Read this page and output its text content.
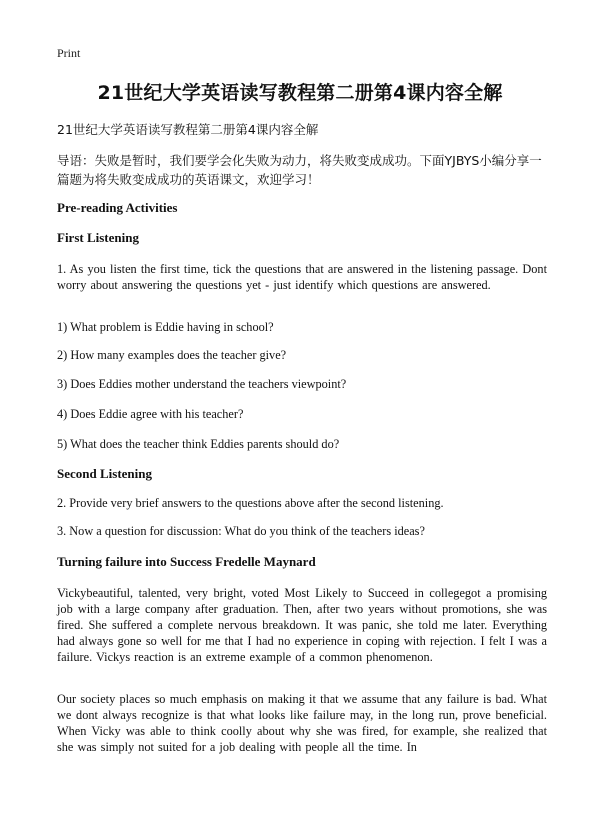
Print
21世纪大学英语读写教程第二册第4课内容全解
21世纪大学英语读写教程第二册第4课内容全解
导语：失败是暂时，我们要学会化失败为动力，将失败变成成功。下面YJBYS小编分享一篇题为将失败变成成功的英语课文，欢迎学习！
Pre-reading Activities
First Listening
1. As you listen the first time, tick the questions that are answered in the listening passage. Dont worry about answering the questions yet - just identify which questions are answered.
1) What problem is Eddie having in school?
2) How many examples does the teacher give?
3) Does Eddies mother understand the teachers viewpoint?
4) Does Eddie agree with his teacher?
5) What does the teacher think Eddies parents should do?
Second Listening
2. Provide very brief answers to the questions above after the second listening.
3. Now a question for discussion: What do you think of the teachers ideas?
Turning failure into Success Fredelle Maynard
Vickybeautiful, talented, very bright, voted Most Likely to Succeed in collegegot a promising job with a large company after graduation. Then, after two years without promotions, she was fired. She suffered a complete nervous breakdown. It was panic, she told me later. Everything had always gone so well for me that I had no experience in coping with rejection. I felt I was a failure. Vickys reaction is an extreme example of a common phenomenon.
Our society places so much emphasis on making it that we assume that any failure is bad. What we dont always recognize is that what looks like failure may, in the long run, prove beneficial. When Vicky was able to think coolly about why she was fired, for example, she realized that she was simply not suited for a job dealing with people all the time. In
